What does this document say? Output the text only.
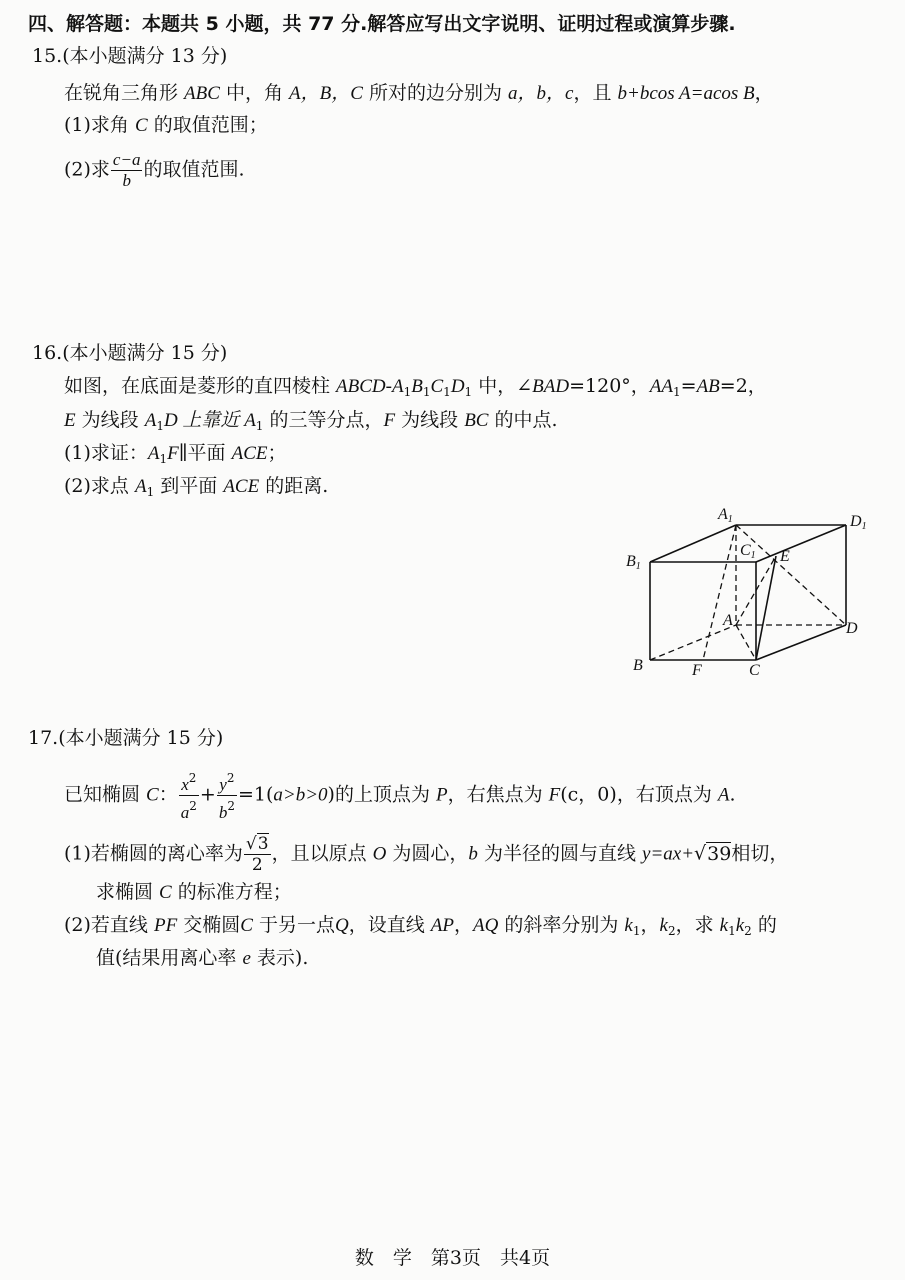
四、解答题：本题共 5 小题，共 77 分.解答应写出文字说明、证明过程或演算步骤.
15.(本小题满分 13 分)
在锐角三角形 ABC 中，角 A，B，C 所对的边分别为 a，b，c，且 b+bcos A=acos B，
(1)求角 C 的取值范围；
(2)求 $\frac{c-a}{b}$ 的取值范围.
16.(本小题满分 15 分)
如图，在底面是菱形的直四棱柱 ABCD-$A_1B_1C_1D_1$ 中，∠BAD=120°，$AA_1=AB=2$，
E 为线段 $A_1D$ 上靠近 $A_1$ 的三等分点，F 为线段 BC 的中点.
(1)求证：$A_1F\parallel$平面 ACE；
(2)求点 $A_1$ 到平面 ACE 的距离.
A1	D1
B1
C1 E
A	D
B	F	C
17.(本小题满分 15 分)
已知椭圆 C： $\frac{x^2}{a^2} + \frac{y^2}{b^2} =1(a>b>0)$的上顶点为 P，右焦点为 F(c，0)，右顶点为 A.
(1)若椭圆的离心率为 $\frac{√3}{2}$ ，且以原点 O 为圆心，b 为半径的圆与直线 y=ax+√39相切，
求椭圆 C 的标准方程；
(2)若直线 PF 交椭圆C 于另一点Q，设直线 AP，AQ 的斜率分别为 $k_1$，$k_2$，求 $k_1k_2$ 的
值(结果用离心率 e 表示).
数　学　第3页　共4页
